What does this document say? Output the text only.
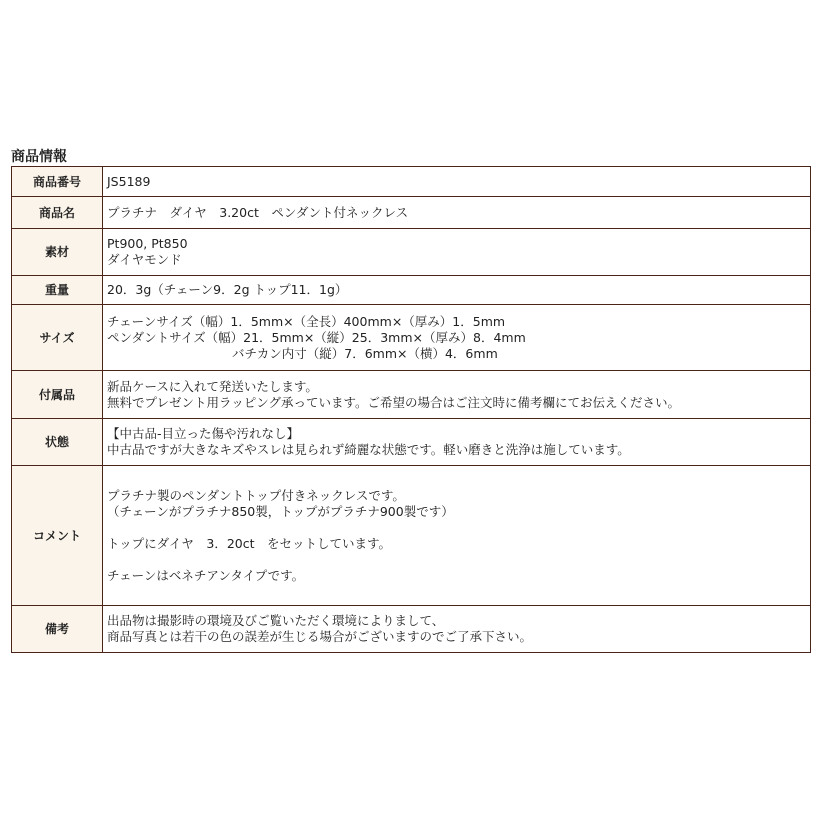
商品情報
商品番号	JS5189

商品名	プラチナ　ダイヤ　3.20ct　ペンダント付ネックレス

素材	Pt900, Pt850
ダイヤモンド

重量	20．3g（チェーン9．2g トップ11．1g）

サイズ	チェーンサイズ（幅）1．5mm×（全長）400mm×（厚み）1．5mm
ペンダントサイズ（幅）21．5mm×（縦）25．3mm×（厚み）8．4mm
　　　　　　　　　　バチカン内寸（縦）7．6mm×（横）4．6mm

付属品	新品ケースに入れて発送いたします。
無料でプレゼント用ラッピング承っています。ご希望の場合はご注文時に備考欄にてお伝えください。

状態	【中古品-目立った傷や汚れなし】
中古品ですが大きなキズやスレは見られず綺麗な状態です。軽い磨きと洗浄は施しています。

コメント	プラチナ製のペンダントトップ付きネックレスです。
（チェーンがプラチナ850製，トップがプラチナ900製です）

トップにダイヤ　3．20ct　をセットしています。

チェーンはベネチアンタイプです。

備考	出品物は撮影時の環境及びご覧いただく環境によりまして、
商品写真とは若干の色の誤差が生じる場合がございますのでご了承下さい。
